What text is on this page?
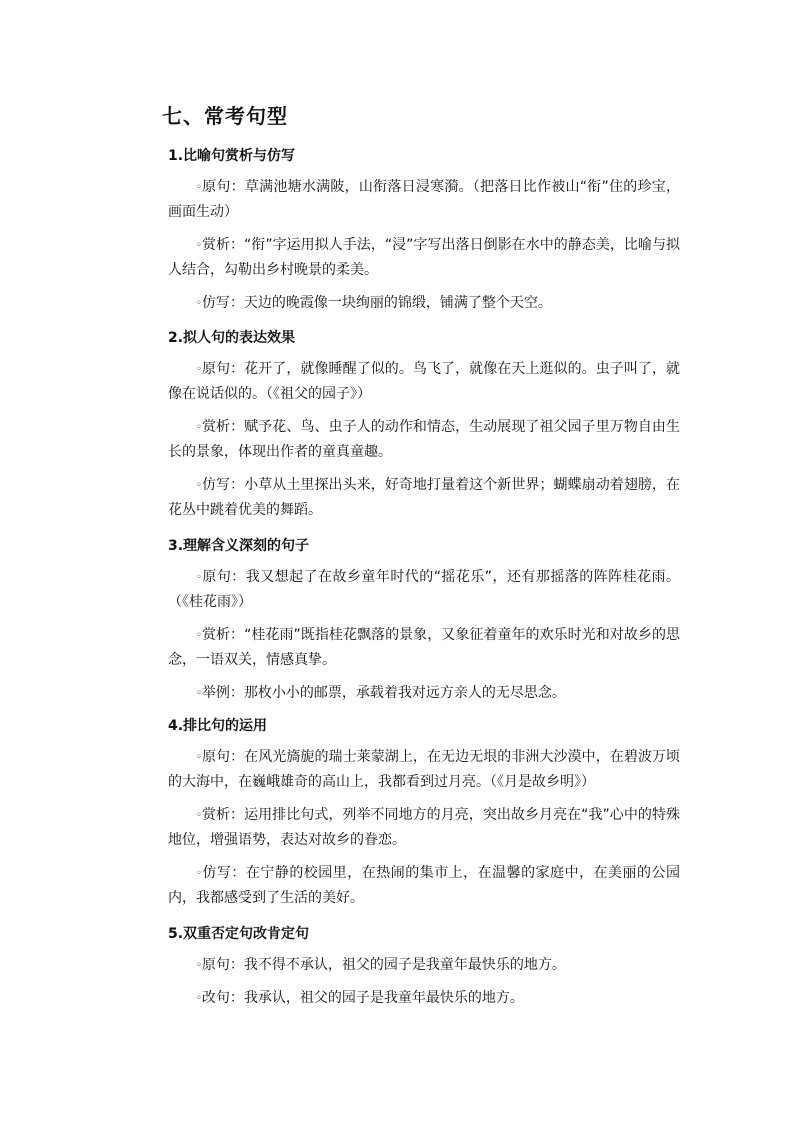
七、常考句型

1.比喻句赏析与仿写

◦原句：草满池塘水满陂，山衔落日浸寒漪。（把落日比作被山“衔”住的珍宝，画面生动）

◦赏析：“衔”字运用拟人手法，“浸”字写出落日倒影在水中的静态美，比喻与拟人结合，勾勒出乡村晚景的柔美。

◦仿写：天边的晚霞像一块绚丽的锦缎，铺满了整个天空。

2.拟人句的表达效果

◦原句：花开了，就像睡醒了似的。鸟飞了，就像在天上逛似的。虫子叫了，就像在说话似的。（《祖父的园子》）

◦赏析：赋予花、鸟、虫子人的动作和情态，生动展现了祖父园子里万物自由生长的景象，体现出作者的童真童趣。

◦仿写：小草从土里探出头来，好奇地打量着这个新世界；蝴蝶扇动着翅膀，在花丛中跳着优美的舞蹈。

3.理解含义深刻的句子

◦原句：我又想起了在故乡童年时代的“摇花乐”，还有那摇落的阵阵桂花雨。（《桂花雨》）

◦赏析：“桂花雨”既指桂花飘落的景象，又象征着童年的欢乐时光和对故乡的思念，一语双关，情感真挚。

◦举例：那枚小小的邮票，承载着我对远方亲人的无尽思念。

4.排比句的运用

◦原句：在风光旖旎的瑞士莱蒙湖上，在无边无垠的非洲大沙漠中，在碧波万顷的大海中，在巍峨雄奇的高山上，我都看到过月亮。（《月是故乡明》）

◦赏析：运用排比句式，列举不同地方的月亮，突出故乡月亮在“我”心中的特殊地位，增强语势，表达对故乡的眷恋。

◦仿写：在宁静的校园里，在热闹的集市上，在温馨的家庭中，在美丽的公园内，我都感受到了生活的美好。

5.双重否定句改肯定句

◦原句：我不得不承认，祖父的园子是我童年最快乐的地方。

◦改句：我承认，祖父的园子是我童年最快乐的地方。
